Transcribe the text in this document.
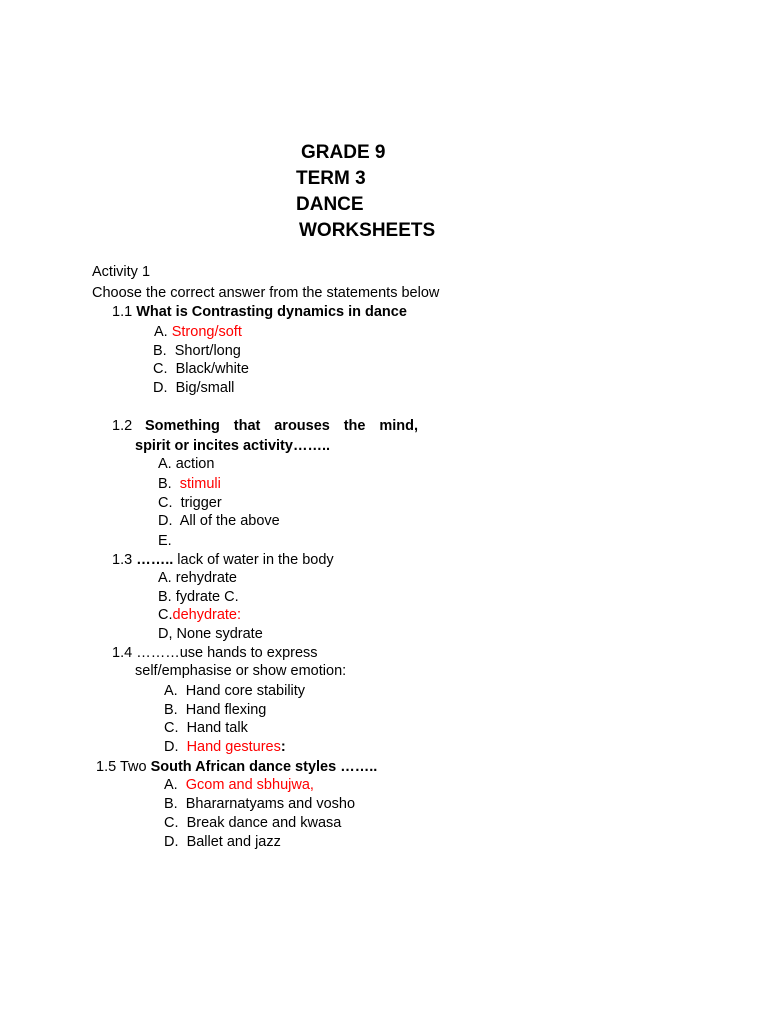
GRADE 9
TERM 3
DANCE
WORKSHEETS
Activity 1
Choose the correct answer from the statements below
1.1 What is Contrasting dynamics in dance
A. Strong/soft
B. Short/long
C. Black/white
D. Big/small
1.2 Something that arouses the mind,
spirit or incites activity……..
A. action
B. stimuli
C. trigger
D. All of the above
E.
1.3 …….. lack of water in the body
A. rehydrate
B. fydrate C.
C.dehydrate:
D, None sydrate
1.4 ………use hands to express
self/emphasise or show emotion:
A. Hand core stability
B. Hand flexing
C. Hand talk
D. Hand gestures:
1.5 Two South African dance styles ……..
A. Gcom and sbhujwa,
B. Bhararnatyams and vosho
C. Break dance and kwasa
D. Ballet and jazz
